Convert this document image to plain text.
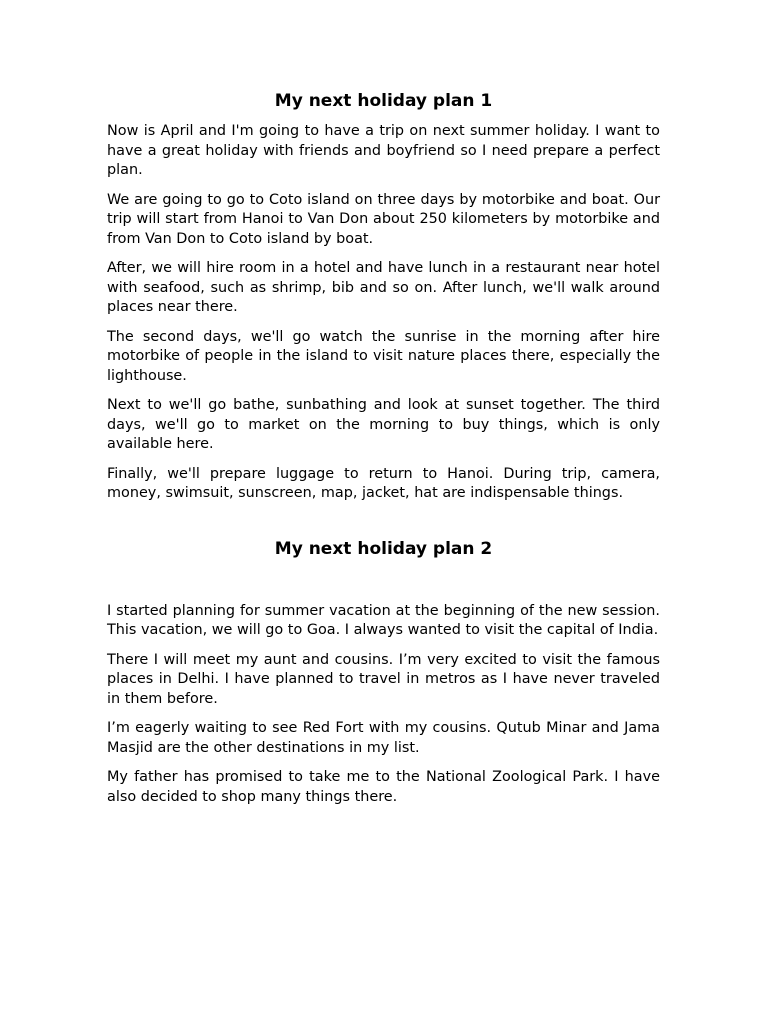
My next holiday plan 1

Now is April and I'm going to have a trip on next summer holiday. I want to have a great holiday with friends and boyfriend so I need prepare a perfect plan.

We are going to go to Coto island on three days by motorbike and boat. Our trip will start from Hanoi to Van Don about 250 kilometers by motorbike and from Van Don to Coto island by boat.

After, we will hire room in a hotel and have lunch in a restaurant near hotel with seafood, such as shrimp, bib and so on. After lunch, we'll walk around places near there.

The second days, we'll go watch the sunrise in the morning after hire motorbike of people in the island to visit nature places there, especially the lighthouse.

Next to we'll go bathe, sunbathing and look at sunset together. The third days, we'll go to market on the morning to buy things, which is only available here.

Finally, we'll prepare luggage to return to Hanoi. During trip, camera, money, swimsuit, sunscreen, map, jacket, hat are indispensable things.

My next holiday plan 2

I started planning for summer vacation at the beginning of the new session. This vacation, we will go to Goa. I always wanted to visit the capital of India.

There I will meet my aunt and cousins. I’m very excited to visit the famous places in Delhi. I have planned to travel in metros as I have never traveled in them before.

I’m eagerly waiting to see Red Fort with my cousins. Qutub Minar and Jama Masjid are the other destinations in my list.

My father has promised to take me to the National Zoological Park. I have also decided to shop many things there.
